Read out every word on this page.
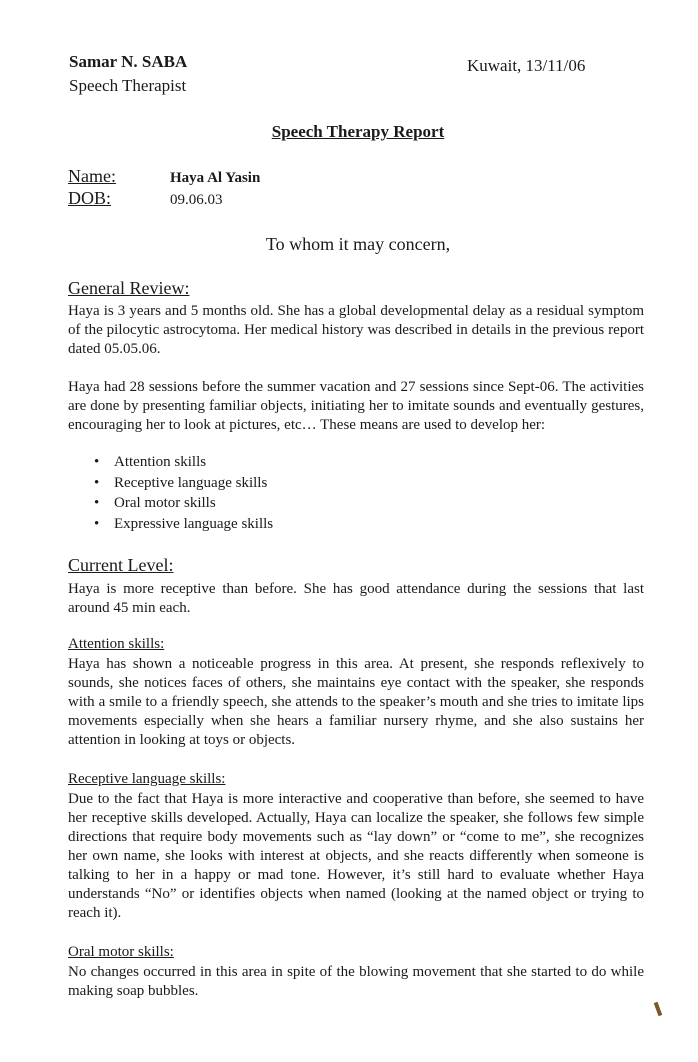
Samar N. SABA
Speech Therapist
Kuwait, 13/11/06
Speech Therapy Report
Name:	Haya Al Yasin
DOB:	09.06.03
To whom it may concern,
General Review:

Haya is 3 years and 5 months old. She has a global developmental delay as a residual symptom of the pilocytic astrocytoma. Her medical history was described in details in the previous report dated 05.05.06.

Haya had 28 sessions before the summer vacation and 27 sessions since Sept-06. The activities are done by presenting familiar objects, initiating her to imitate sounds and eventually gestures, encouraging her to look at pictures, etc… These means are used to develop her:

• Attention skills
• Receptive language skills
• Oral motor skills
• Expressive language skills
Current Level:

Haya is more receptive than before. She has good attendance during the sessions that last around 45 min each.

Attention skills:

Haya has shown a noticeable progress in this area. At present, she responds reflexively to sounds, she notices faces of others, she maintains eye contact with the speaker, she responds with a smile to a friendly speech, she attends to the speaker’s mouth and she tries to imitate lips movements especially when she hears a familiar nursery rhyme, and she also sustains her attention in looking at toys or objects.

Receptive language skills:

Due to the fact that Haya is more interactive and cooperative than before, she seemed to have her receptive skills developed. Actually, Haya can localize the speaker, she follows few simple directions that require body movements such as “lay down” or “come to me”, she recognizes her own name, she looks with interest at objects, and she reacts differently when someone is talking to her in a happy or mad tone. However, it’s still hard to evaluate whether Haya understands “No” or identifies objects when named (looking at the named object or trying to reach it).

Oral motor skills:

No changes occurred in this area in spite of the blowing movement that she started to do while making soap bubbles.
